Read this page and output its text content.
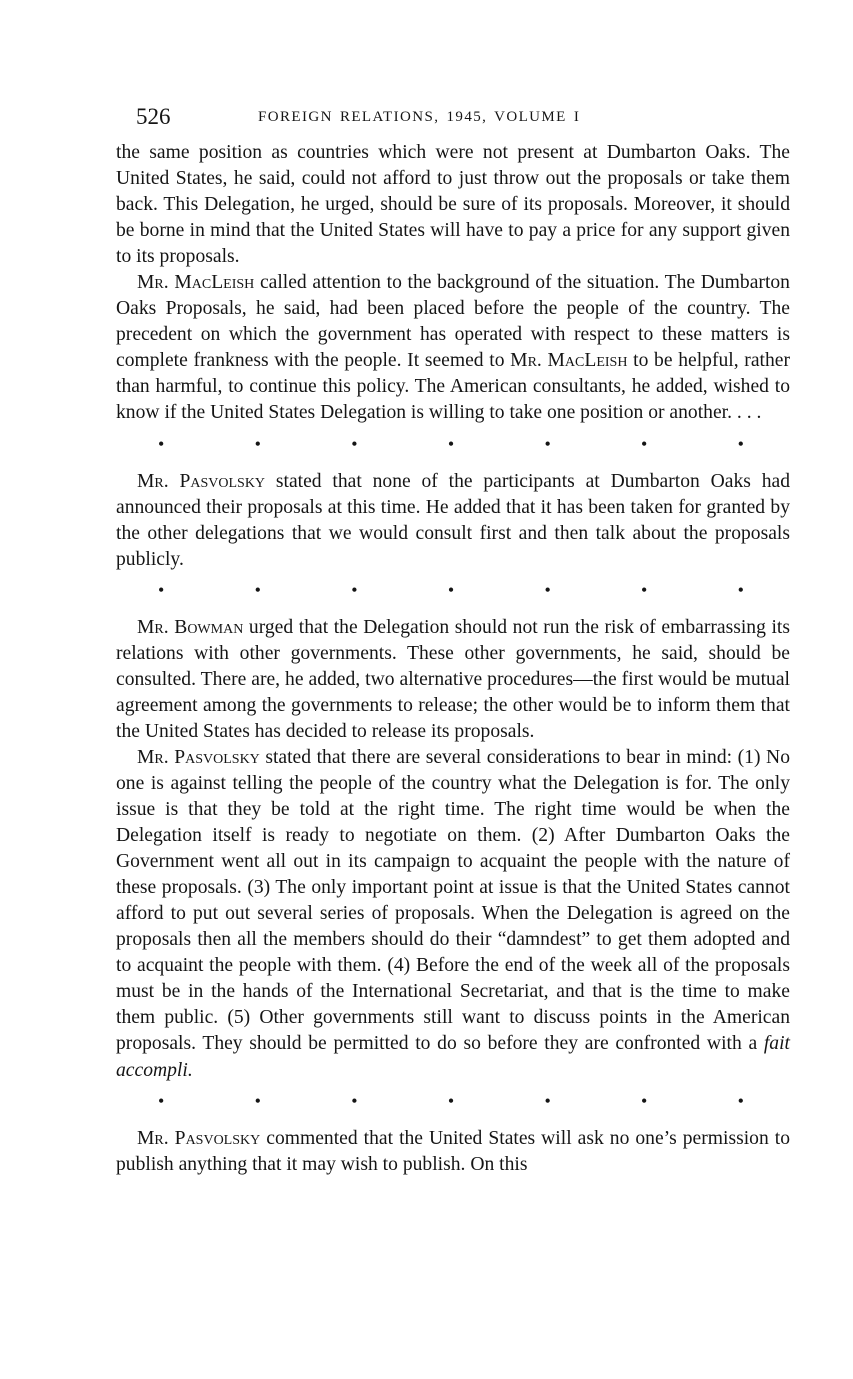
526	FOREIGN RELATIONS, 1945, VOLUME I

the same position as countries which were not present at Dumbarton Oaks. The United States, he said, could not afford to just throw out the proposals or take them back. This Delegation, he urged, should be sure of its proposals. Moreover, it should be borne in mind that the United States will have to pay a price for any support given to its proposals.

Mr. MacLeish called attention to the background of the situation. The Dumbarton Oaks Proposals, he said, had been placed before the people of the country. The precedent on which the government has operated with respect to these matters is complete frankness with the people. It seemed to Mr. MacLeish to be helpful, rather than harmful, to continue this policy. The American consultants, he added, wished to know if the United States Delegation is willing to take one position or another. . . .

•	•	•	•	•	•	•

Mr. Pasvolsky stated that none of the participants at Dumbarton Oaks had announced their proposals at this time. He added that it has been taken for granted by the other delegations that we would consult first and then talk about the proposals publicly.

•	•	•	•	•	•	•

Mr. Bowman urged that the Delegation should not run the risk of embarrassing its relations with other governments. These other governments, he said, should be consulted. There are, he added, two alternative procedures—the first would be mutual agreement among the governments to release; the other would be to inform them that the United States has decided to release its proposals.

Mr. Pasvolsky stated that there are several considerations to bear in mind: (1) No one is against telling the people of the country what the Delegation is for. The only issue is that they be told at the right time. The right time would be when the Delegation itself is ready to negotiate on them. (2) After Dumbarton Oaks the Government went all out in its campaign to acquaint the people with the nature of these proposals. (3) The only important point at issue is that the United States cannot afford to put out several series of proposals. When the Delegation is agreed on the proposals then all the members should do their “damndest” to get them adopted and to acquaint the people with them. (4) Before the end of the week all of the proposals must be in the hands of the International Secretariat, and that is the time to make them public. (5) Other governments still want to discuss points in the American proposals. They should be permitted to do so before they are confronted with a fait accompli.

•	•	•	•	•	•	•

Mr. Pasvolsky commented that the United States will ask no one’s permission to publish anything that it may wish to publish. On this
